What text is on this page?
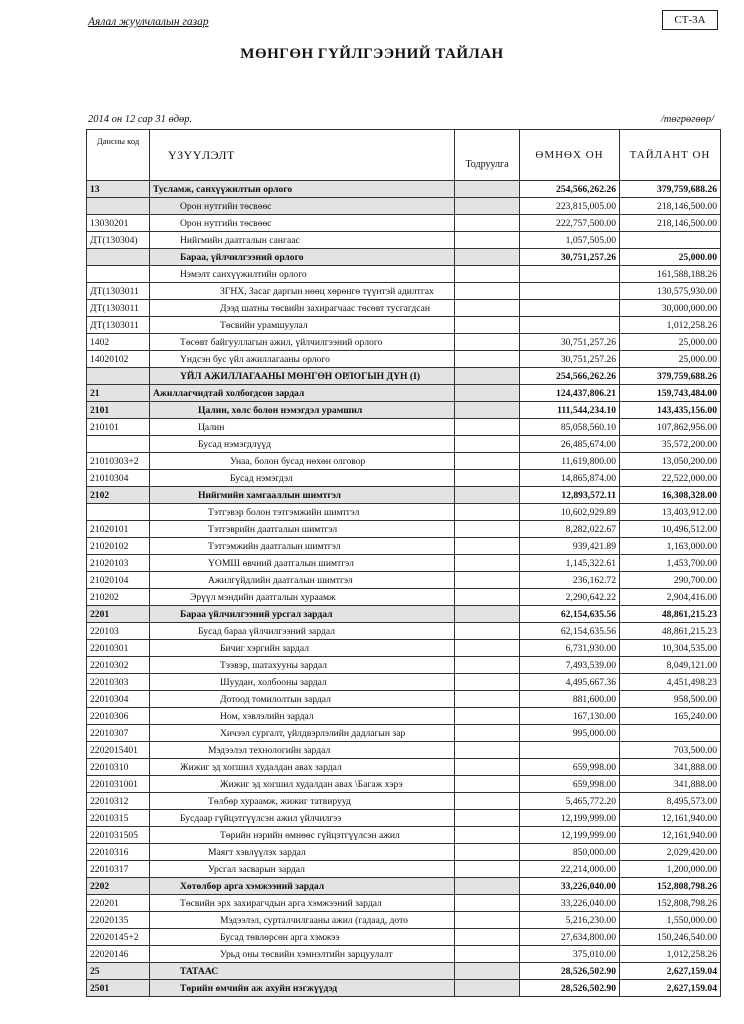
Аялал жуулчлалын газар	СТ-3А
МӨНГӨН ГҮЙЛГЭЭНИЙ ТАЙЛАН
2014 он 12 сар 31 өдөр.	/төгрөгөөр/
Дансны код	ҮЗҮҮЛЭЛТ	Тодруулга	ӨМНӨХ ОН	ТАЙЛАНТ ОН
13	Тусламж, санхүүжилтын орлого		254,566,262.26	379,759,688.26
	Орон нутгийн төсвөөс		223,815,005.00	218,146,500.00
13030201	Орон нутгийн төсвөөс		222,757,500.00	218,146,500.00
ДТ(130304)	Нийгмийн даатгалын сангаас		1,057,505.00	
	Бараа, үйлчилгээний орлого		30,751,257.26	25,000.00
	Нэмэлт санхүүжилтийн орлого			161,588,188.26
ДТ(1303011	ЗГНХ, Засаг даргын нөөц хөрөнгө түүнтэй адилтгах			130,575,930.00
ДТ(1303011	Дээд шатны төсвийн захирагчаас төсөвт тусгагдсан			30,000,000.00
ДТ(1303011	Төсвийн урамшуулал			1,012,258.26
1402	Төсөвт байгууллагын ажил, үйлчилгээний орлого		30,751,257.26	25,000.00
14020102	Үндсэн бус үйл ажиллагааны орлого		30,751,257.26	25,000.00
	ҮЙЛ АЖИЛЛАГААНЫ МӨНГӨН ОРЛОГЫН ДҮН (I)		254,566,262.26	379,759,688.26
21	Ажиллагчидтай холбогдсон зардал		124,437,806.21	159,743,484.00
2101	Цалин, хөлс болон нэмэгдэл урамшил		111,544,234.10	143,435,156.00
210101	Цалин		85,058,560.10	107,862,956.00
	Бусад нэмэгдлүүд		26,485,674.00	35,572,200.00
21010303+2	Унаа, болон бусад нөхөн олговор		11,619,800.00	13,050,200.00
21010304	Бусад нэмэгдэл		14,865,874.00	22,522,000.00
2102	Нийгмийн хамгааллын шимтгэл		12,893,572.11	16,308,328.00
	Тэтгэвэр болон тэтгэмжийн шимтгэл		10,602,929.89	13,403,912.00
21020101	Тэтгэврийн даатгалын шимтгэл		8,282,022.67	10,496,512.00
21020102	Тэтгэмжийн даатгалын шимтгэл		939,421.89	1,163,000.00
21020103	ҮОМШ өвчний даатгалын шимтгэл		1,145,322.61	1,453,700.00
21020104	Ажилгүйдлийн даатгалын шимтгэл		236,162.72	290,700.00
210202	Эрүүл мэндийн даатгалын хураамж		2,290,642.22	2,904,416.00
2201	Бараа үйлчилгээний урсгал зардал		62,154,635.56	48,861,215.23
220103	Бусад бараа үйлчилгээний зардал		62,154,635.56	48,861,215.23
22010301	Бичиг хэргийн зардал		6,731,930.00	10,304,535.00
22010302	Тээвэр, шатахууны зардал		7,493,539.00	8,049,121.00
22010303	Шуудан, холбооны зардал		4,495,667.36	4,451,498.23
22010304	Дотоод томилолтын зардал		881,600.00	958,500.00
22010306	Ном, хэвлэлийн зардал		167,130.00	165,240.00
22010307	Хичээл сургалт, үйлдвэрлэлийн дадлагын зар		995,000.00	
2202015401	Мэдээлэл технологийн зардал			703,500.00
22010310	Жижиг эд хогшил худалдан авах зардал		659,998.00	341,888.00
220103100​1	Жижиг эд хогшил худалдан авах \Багаж хэрэ		659,998.00	341,888.00
22010312	Төлбөр хураамж, жижиг татвирууд		5,465,772.20	8,495,573.00
22010315	Бусдаар гүйцэтгүүлсэн ажил үйлчилгээ		12,199,999.00	12,161,940.00
2201031505	Төрийн нэрийн өмнөөс гүйцэтгүүлсэн ажил		12,199,999.00	12,161,940.00
22010316	Маягт хэвлүүлэх зардал		850,000.00	2,029,420.00
22010317	Урсгал засварын зардал		22,214,000.00	1,200,000.00
2202	Хөтөлбөр арга хэмжээний зардал		33,226,040.00	152,808,798.26
220201	Төсвийн эрх захирагчдын арга хэмжээний зардал		33,226,040.00	152,808,798.26
22020135	Мэдээлэл, сурталчилгааны ажил (гадаад, дото		5,216,230.00	1,550,000.00
22020145+2	Бусад төвлөрсөн арга хэмжээ		27,634,800.00	150,246,540.00
22020146	Урьд оны төсвийн хэмнэлтийн зарцуулалт		375,010.00	1,012,258.26
25	ТАТААС		28,526,502.90	2,627,159.04
2501	Төрийн өмчийн аж ахуйн нэгжүүдэд		28,526,502.90	2,627,159.04
